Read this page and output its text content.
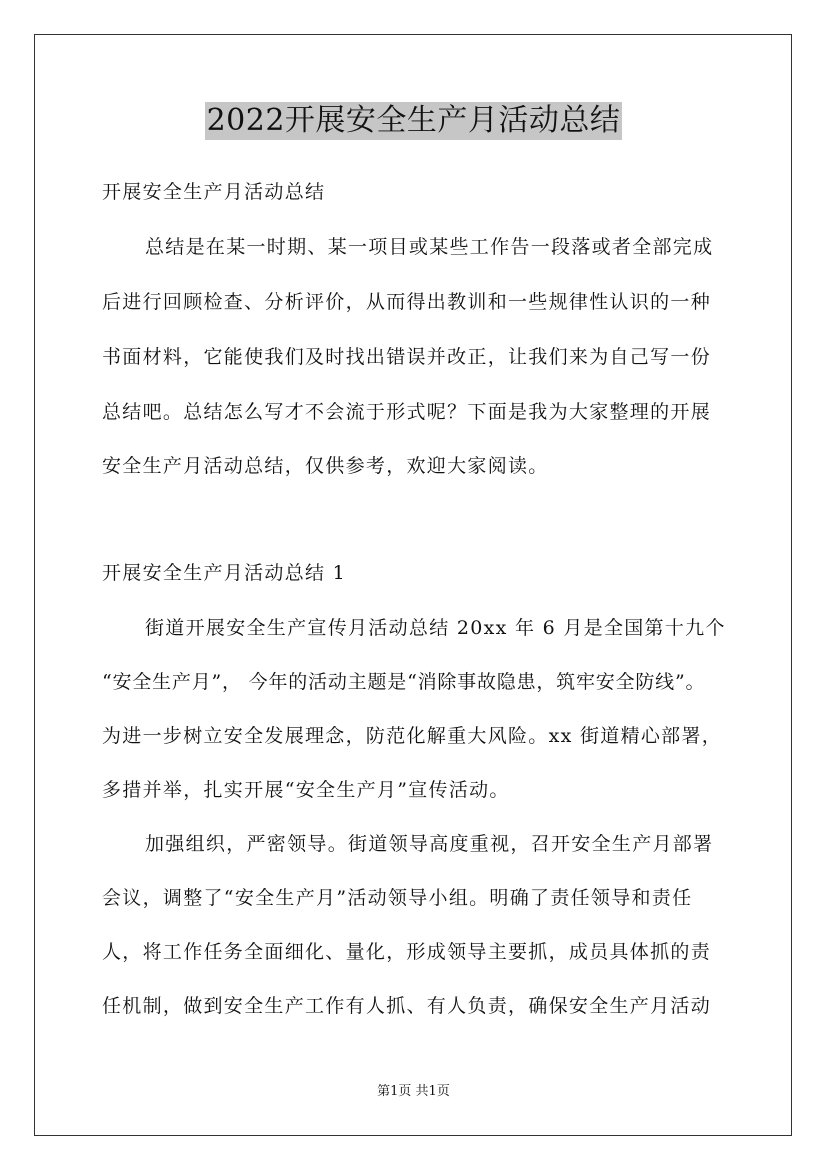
2022开展安全生产月活动总结
开展安全生产月活动总结
总结是在某一时期、某一项目或某些工作告一段落或者全部完成
后进行回顾检查、分析评价，从而得出教训和一些规律性认识的一种
书面材料，它能使我们及时找出错误并改正，让我们来为自己写一份
总结吧。总结怎么写才不会流于形式呢？下面是我为大家整理的开展
安全生产月活动总结，仅供参考，欢迎大家阅读。
开展安全生产月活动总结 1
街道开展安全生产宣传月活动总结 20xx 年 6 月是全国第十九个
“安全生产月”， 今年的活动主题是“消除事故隐患，筑牢安全防线”。
为进一步树立安全发展理念，防范化解重大风险。xx 街道精心部署，
多措并举，扎实开展“安全生产月”宣传活动。
加强组织，严密领导。街道领导高度重视，召开安全生产月部署
会议，调整了“安全生产月”活动领导小组。明确了责任领导和责任
人，将工作任务全面细化、量化，形成领导主要抓，成员具体抓的责
任机制，做到安全生产工作有人抓、有人负责，确保安全生产月活动
第1页 共1页
